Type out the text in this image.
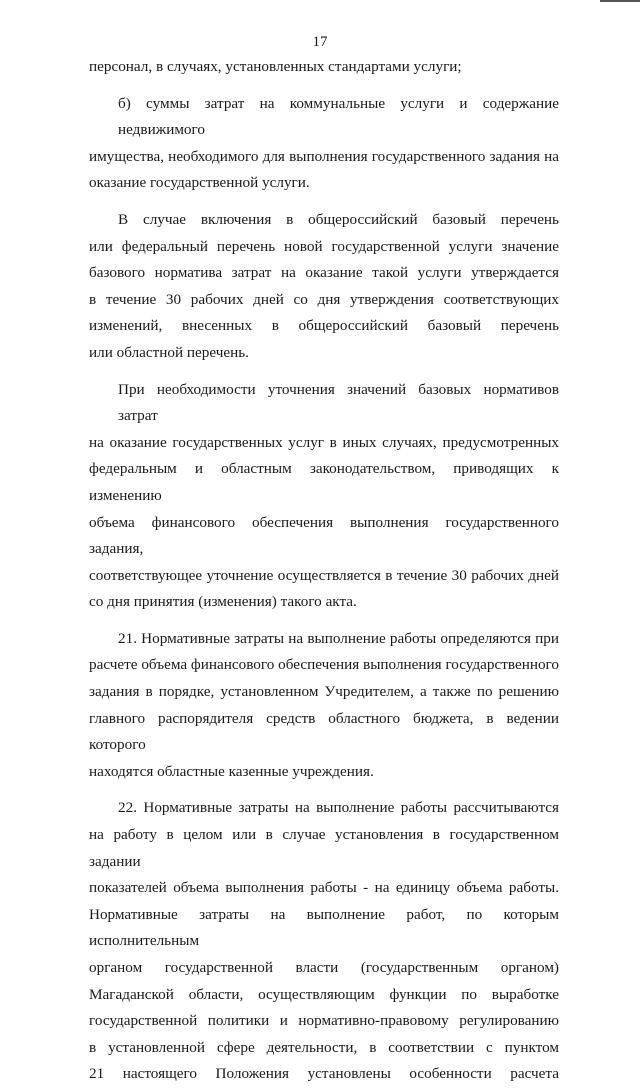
17
персонал, в случаях, установленных стандартами услуги;
б) суммы затрат на коммунальные услуги и содержание недвижимого
имущества, необходимого для выполнения государственного задания на
оказание государственной услуги.
В случае включения в общероссийский базовый перечень
или федеральный перечень новой государственной услуги значение
базового норматива затрат на оказание такой услуги утверждается
в течение 30 рабочих дней со дня утверждения соответствующих
изменений, внесенных в общероссийский базовый перечень
или областной перечень.
При необходимости уточнения значений базовых нормативов затрат
на оказание государственных услуг в иных случаях, предусмотренных
федеральным и областным законодательством, приводящих к изменению
объема финансового обеспечения выполнения государственного задания,
соответствующее уточнение осуществляется в течение 30 рабочих дней
со дня принятия (изменения) такого акта.
21. Нормативные затраты на выполнение работы определяются при
расчете объема финансового обеспечения выполнения государственного
задания в порядке, установленном Учредителем, а также по решению
главного распорядителя средств областного бюджета, в ведении которого
находятся областные казенные учреждения.
22. Нормативные затраты на выполнение работы рассчитываются
на работу в целом или в случае установления в государственном задании
показателей объема выполнения работы - на единицу объема работы.
Нормативные затраты на выполнение работ, по которым исполнительным
органом государственной власти (государственным органом)
Магаданской области, осуществляющим функции по выработке
государственной политики и нормативно-правовому регулированию
в установленной сфере деятельности, в соответствии с пунктом
21 настоящего Положения установлены особенности расчета
